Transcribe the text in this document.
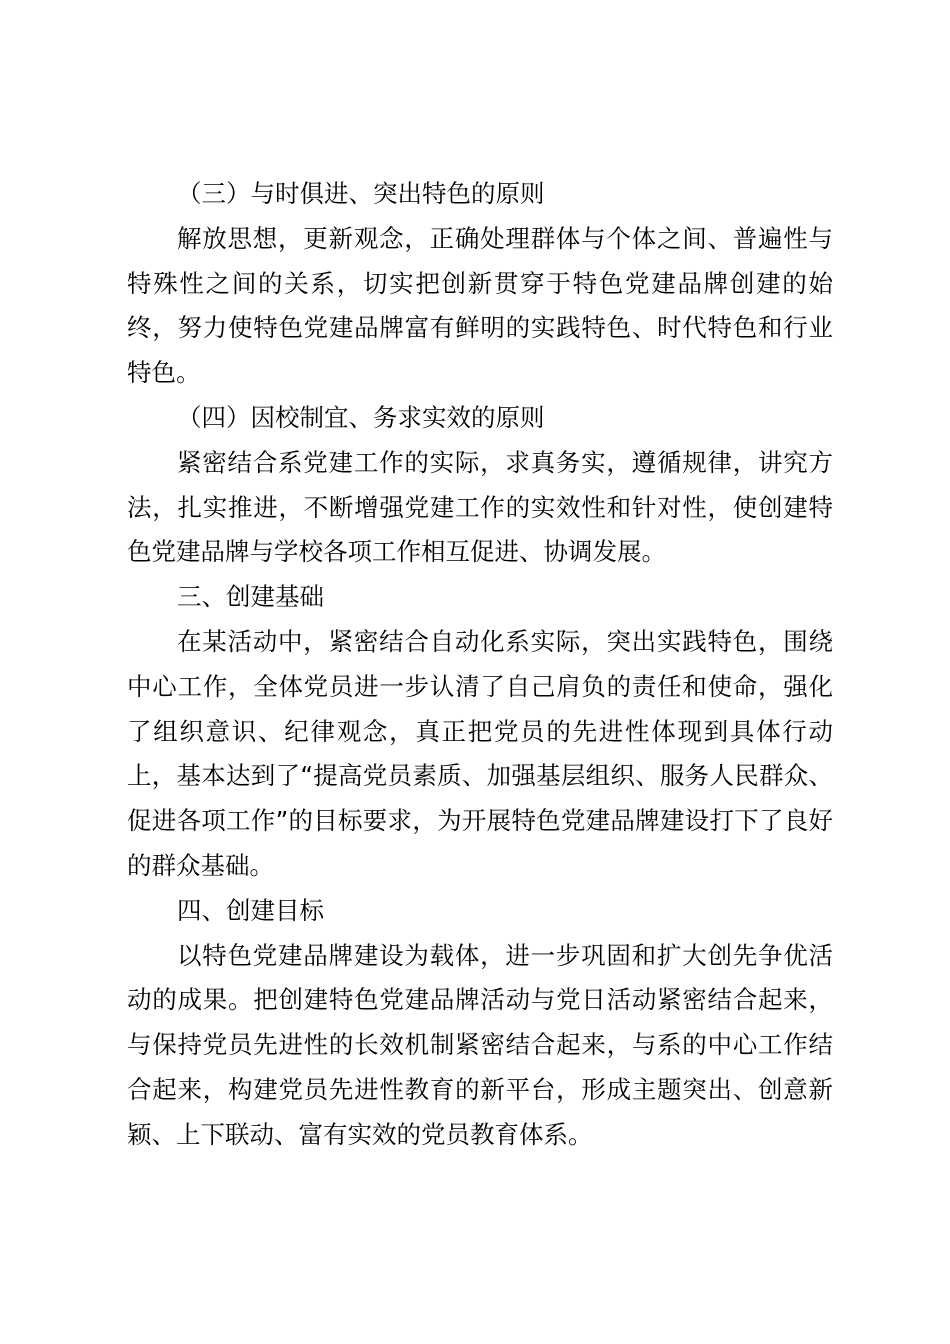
（三）与时俱进、突出特色的原则

解放思想，更新观念，正确处理群体与个体之间、普遍性与特殊性之间的关系，切实把创新贯穿于特色党建品牌创建的始终，努力使特色党建品牌富有鲜明的实践特色、时代特色和行业特色。

（四）因校制宜、务求实效的原则

紧密结合系党建工作的实际，求真务实，遵循规律，讲究方法，扎实推进，不断增强党建工作的实效性和针对性，使创建特色党建品牌与学校各项工作相互促进、协调发展。

三、创建基础

在某活动中，紧密结合自动化系实际，突出实践特色，围绕中心工作，全体党员进一步认清了自己肩负的责任和使命，强化了组织意识、纪律观念，真正把党员的先进性体现到具体行动上，基本达到了“提高党员素质、加强基层组织、服务人民群众、促进各项工作”的目标要求，为开展特色党建品牌建设打下了良好的群众基础。

四、创建目标

以特色党建品牌建设为载体，进一步巩固和扩大创先争优活动的成果。把创建特色党建品牌活动与党日活动紧密结合起来，与保持党员先进性的长效机制紧密结合起来，与系的中心工作结合起来，构建党员先进性教育的新平台，形成主题突出、创意新颖、上下联动、富有实效的党员教育体系。
